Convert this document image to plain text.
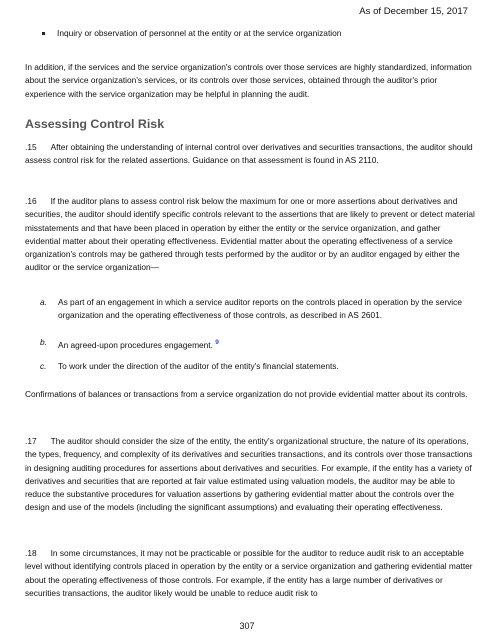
As of December 15, 2017
Inquiry or observation of personnel at the entity or at the service organization

In addition, if the services and the service organization's controls over those services are highly standardized, information about the service organization's services, or its controls over those services, obtained through the auditor's prior experience with the service organization may be helpful in planning the audit.

Assessing Control Risk

.15 After obtaining the understanding of internal control over derivatives and securities transactions, the auditor should assess control risk for the related assertions. Guidance on that assessment is found in AS 2110.

.16 If the auditor plans to assess control risk below the maximum for one or more assertions about derivatives and securities, the auditor should identify specific controls relevant to the assertions that are likely to prevent or detect material misstatements and that have been placed in operation by either the entity or the service organization, and gather evidential matter about their operating effectiveness. Evidential matter about the operating effectiveness of a service organization's controls may be gathered through tests performed by the auditor or by an auditor engaged by either the auditor or the service organization—

a.	As part of an engagement in which a service auditor reports on the controls placed in operation by the service organization and the operating effectiveness of those controls, as described in AS 2601.
b.	An agreed-upon procedures engagement. $^9$
c.	To work under the direction of the auditor of the entity's financial statements.

Confirmations of balances or transactions from a service organization do not provide evidential matter about its controls.

.17 The auditor should consider the size of the entity, the entity's organizational structure, the nature of its operations, the types, frequency, and complexity of its derivatives and securities transactions, and its controls over those transactions in designing auditing procedures for assertions about derivatives and securities. For example, if the entity has a variety of derivatives and securities that are reported at fair value estimated using valuation models, the auditor may be able to reduce the substantive procedures for valuation assertions by gathering evidential matter about the controls over the design and use of the models (including the significant assumptions) and evaluating their operating effectiveness.

.18 In some circumstances, it may not be practicable or possible for the auditor to reduce audit risk to an acceptable level without identifying controls placed in operation by the entity or a service organization and gathering evidential matter about the operating effectiveness of those controls. For example, if the entity has a large number of derivatives or securities transactions, the auditor likely would be unable to reduce audit risk to

307
